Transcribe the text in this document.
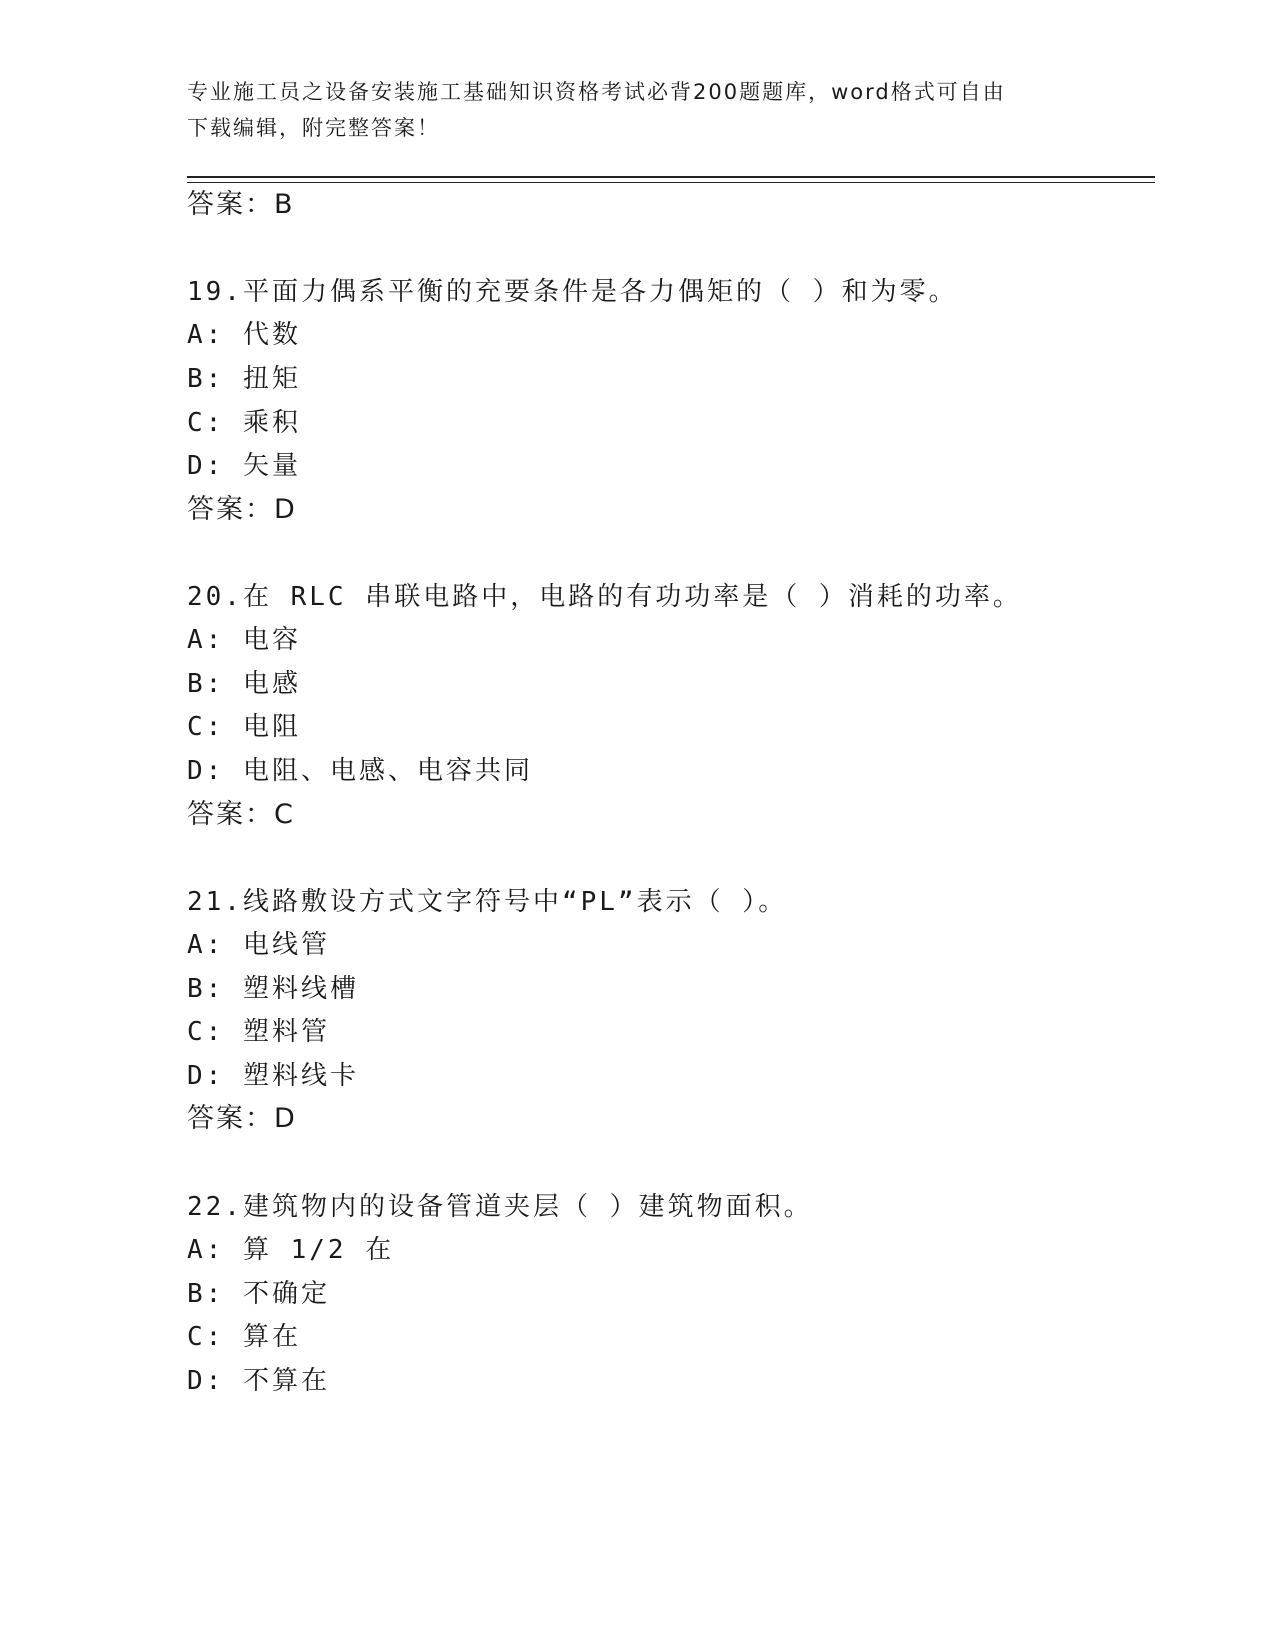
专业施工员之设备安装施工基础知识资格考试必背200题题库，word格式可自由
下载编辑，附完整答案！
答案：B
19.平面力偶系平衡的充要条件是各力偶矩的（ ）和为零。
A: 代数
B: 扭矩
C: 乘积
D: 矢量
答案：D
20.在 RLC 串联电路中，电路的有功功率是（ ）消耗的功率。
A: 电容
B: 电感
C: 电阻
D: 电阻、电感、电容共同
答案：C
21.线路敷设方式文字符号中“PL”表示（ ）。
A: 电线管
B: 塑料线槽
C: 塑料管
D: 塑料线卡
答案：D
22.建筑物内的设备管道夹层（ ）建筑物面积。
A: 算 1/2 在
B: 不确定
C: 算在
D: 不算在
